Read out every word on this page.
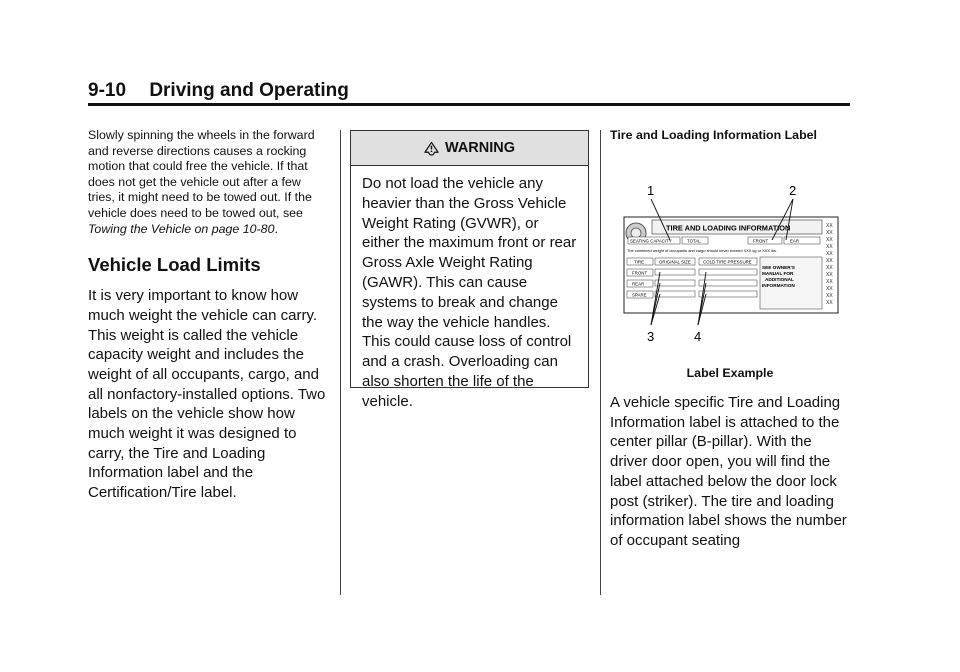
9-10 Driving and Operating

Slowly spinning the wheels in the forward and reverse directions causes a rocking motion that could free the vehicle. If that does not get the vehicle out after a few tries, it might need to be towed out. If the vehicle does need to be towed out, see Towing the Vehicle on page 10-80.

Vehicle Load Limits

It is very important to know how much weight the vehicle can carry. This weight is called the vehicle capacity weight and includes the weight of all occupants, cargo, and all nonfactory-installed options. Two labels on the vehicle show how much weight it was designed to carry, the Tire and Loading Information label and the Certification/Tire label.

WARNING

Do not load the vehicle any heavier than the Gross Vehicle Weight Rating (GVWR), or either the maximum front or rear Gross Axle Weight Rating (GAWR). This can cause systems to break and change the way the vehicle handles. This could cause loss of control and a crash. Overloading can also shorten the life of the vehicle.

Tire and Loading Information Label

1	2
3	4
TIRE AND LOADING INFORMATION
SEATING CAPACITY	TOTAL	FRONT	EAR
The combined weight of occupants and cargo should never exceed XXX kg or XXX lbs.
TIRE	ORIGINAL SIZE	COLD TIRE PRESSURE
FRONT
REAR
SPARE
SEE OWNER'S
MANUAL FOR
ADDITIONAL
INFORMATION
XX
XX
XX
XX
XX
XX
XX
XX
XX
XX
XX
XX
Label Example

A vehicle specific Tire and Loading Information label is attached to the center pillar (B-pillar). With the driver door open, you will find the label attached below the door lock post (striker). The tire and loading information label shows the number of occupant seating
